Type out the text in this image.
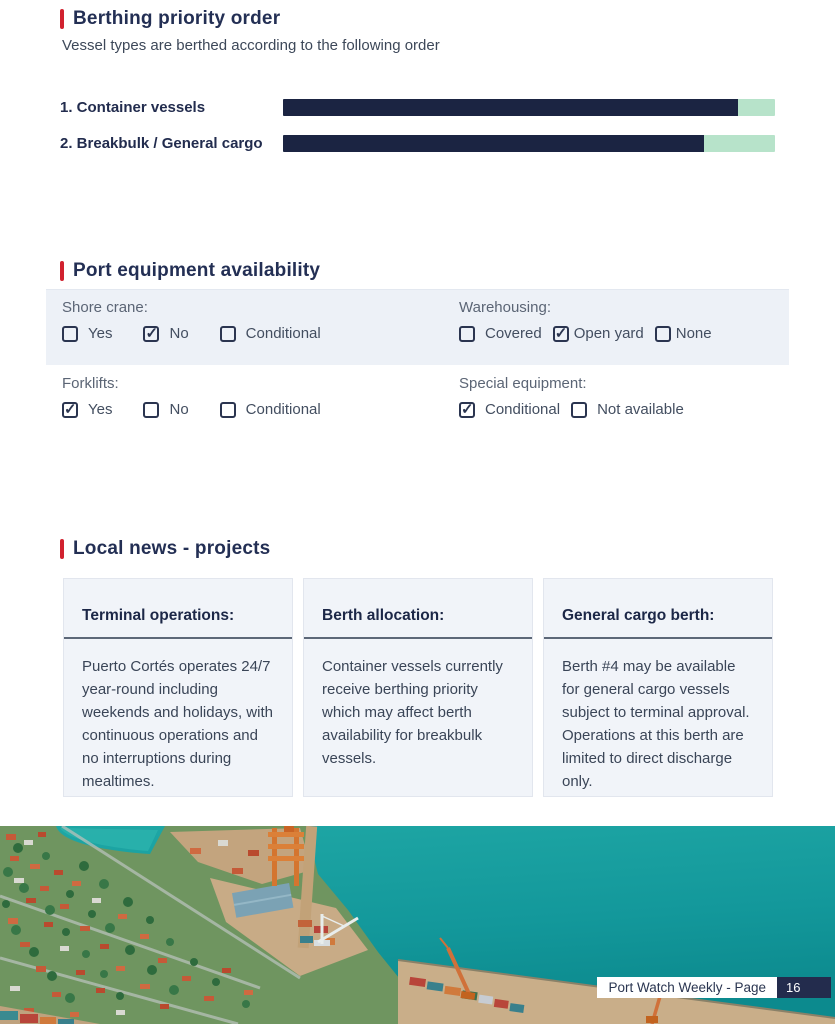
Berthing priority order
Vessel types are berthed according to the following order
1. Container vessels
2. Breakbulk / General cargo
Port equipment availability
Shore crane:
Yes ✓ No	Conditional
Warehousing:
Covered ✓ Open yard None
Forklifts:
✓ Yes	No	Conditional
Special equipment:
✓ Conditional Not available
Local news - projects
Terminal operations:
Puerto Cortés operates 24/7 year-round including weekends and holidays, with continuous operations and no interruptions during mealtimes.
Berth allocation:
Container vessels currently receive berthing priority which may affect berth availability for breakbulk vessels.
General cargo berth:
Berth #4 may be available for general cargo vessels subject to terminal approval. Operations at this berth are limited to direct discharge only.
Port Watch Weekly - Page	16
